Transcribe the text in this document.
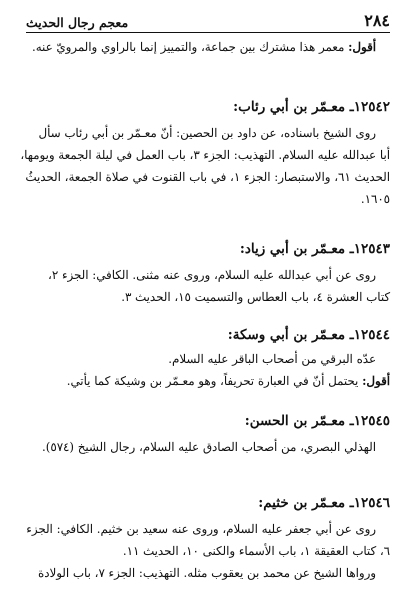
٢٨٤
معجم رجال الحديث

أقول: معمر هذا مشترك بين جماعة، والتمييز إنما بالراوي والمرويّ عنه.

١٢٥٤٢ـ معـمّر بن أبي رئاب:

روى الشيخ باسناده، عن داود بن الحصين: أنّ معـمّر بن أبي رئاب سأل
أبا عبدالله عليه السلام. التهذيب: الجزء ٣، باب العمل في ليلة الجمعة ويومها،
الحديث ٦١، والاستبصار: الجزء ١، في باب القنوت في صلاة الجمعة، الحديثُ
١٦٠٥.

١٢٥٤٣ـ معـمّر بن أبي زياد:

روى عن أبي عبدالله عليه السلام، وروى عنه مثنى. الكافي: الجزء ٢،
كتاب العشرة ٤، باب العطاس والتسميت ١٥، الحديث ٣.

١٢٥٤٤ـ معـمّر بن أبي وسكة:

عدّه البرقي من أصحاب الباقر عليه السلام.
أقول: يحتمل أنّ في العبارة تحريفاً، وهو معـمّر بن وشيكة كما يأتي.

١٢٥٤٥ـ معـمّر بن الحسن:

الهذلي البصري، من أصحاب الصادق عليه السلام، رجال الشيخ (٥٧٤).

١٢٥٤٦ـ معـمّر بن خثيم:

روى عن أبي جعفر عليه السلام، وروى عنه سعيد بن خثيم. الكافي: الجزء
٦، كتاب العقيقة ١، باب الأسماء والكنى ١٠، الحديث ١١.
ورواها الشيخ عن محمد بن يعقوب مثله. التهذيب: الجزء ٧، باب الولادة
